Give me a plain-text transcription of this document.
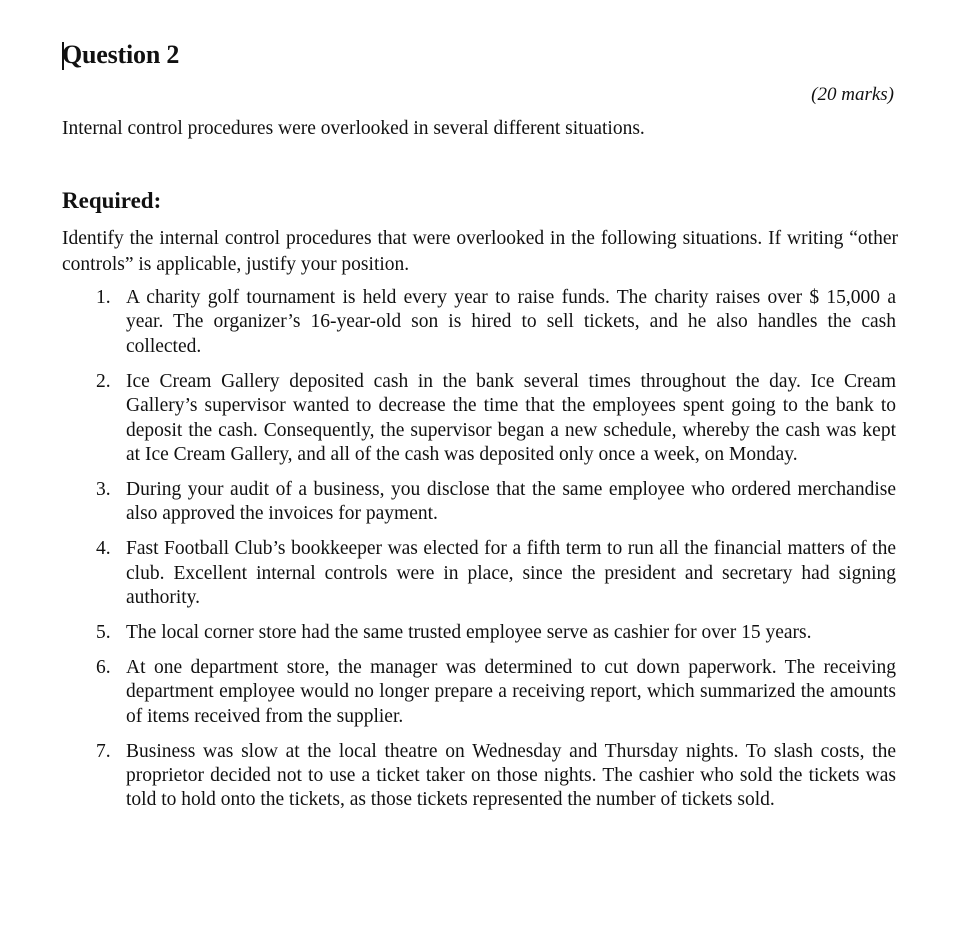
Question 2
(20 marks)
Internal control procedures were overlooked in several different situations.
Required:
Identify the internal control procedures that were overlooked in the following situations. If writing “other controls” is applicable, justify your position.
1. A charity golf tournament is held every year to raise funds. The charity raises over $ 15,000 a year. The organizer’s 16-year-old son is hired to sell tickets, and he also handles the cash collected.
2. Ice Cream Gallery deposited cash in the bank several times throughout the day. Ice Cream Gallery’s supervisor wanted to decrease the time that the employees spent going to the bank to deposit the cash. Consequently, the supervisor began a new schedule, whereby the cash was kept at Ice Cream Gallery, and all of the cash was deposited only once a week, on Monday.
3. During your audit of a business, you disclose that the same employee who ordered merchandise also approved the invoices for payment.
4. Fast Football Club’s bookkeeper was elected for a fifth term to run all the financial matters of the club. Excellent internal controls were in place, since the president and secretary had signing authority.
5. The local corner store had the same trusted employee serve as cashier for over 15 years.
6. At one department store, the manager was determined to cut down paperwork. The receiving department employee would no longer prepare a receiving report, which summarized the amounts of items received from the supplier.
7. Business was slow at the local theatre on Wednesday and Thursday nights. To slash costs, the proprietor decided not to use a ticket taker on those nights. The cashier who sold the tickets was told to hold onto the tickets, as those tickets represented the number of tickets sold.
